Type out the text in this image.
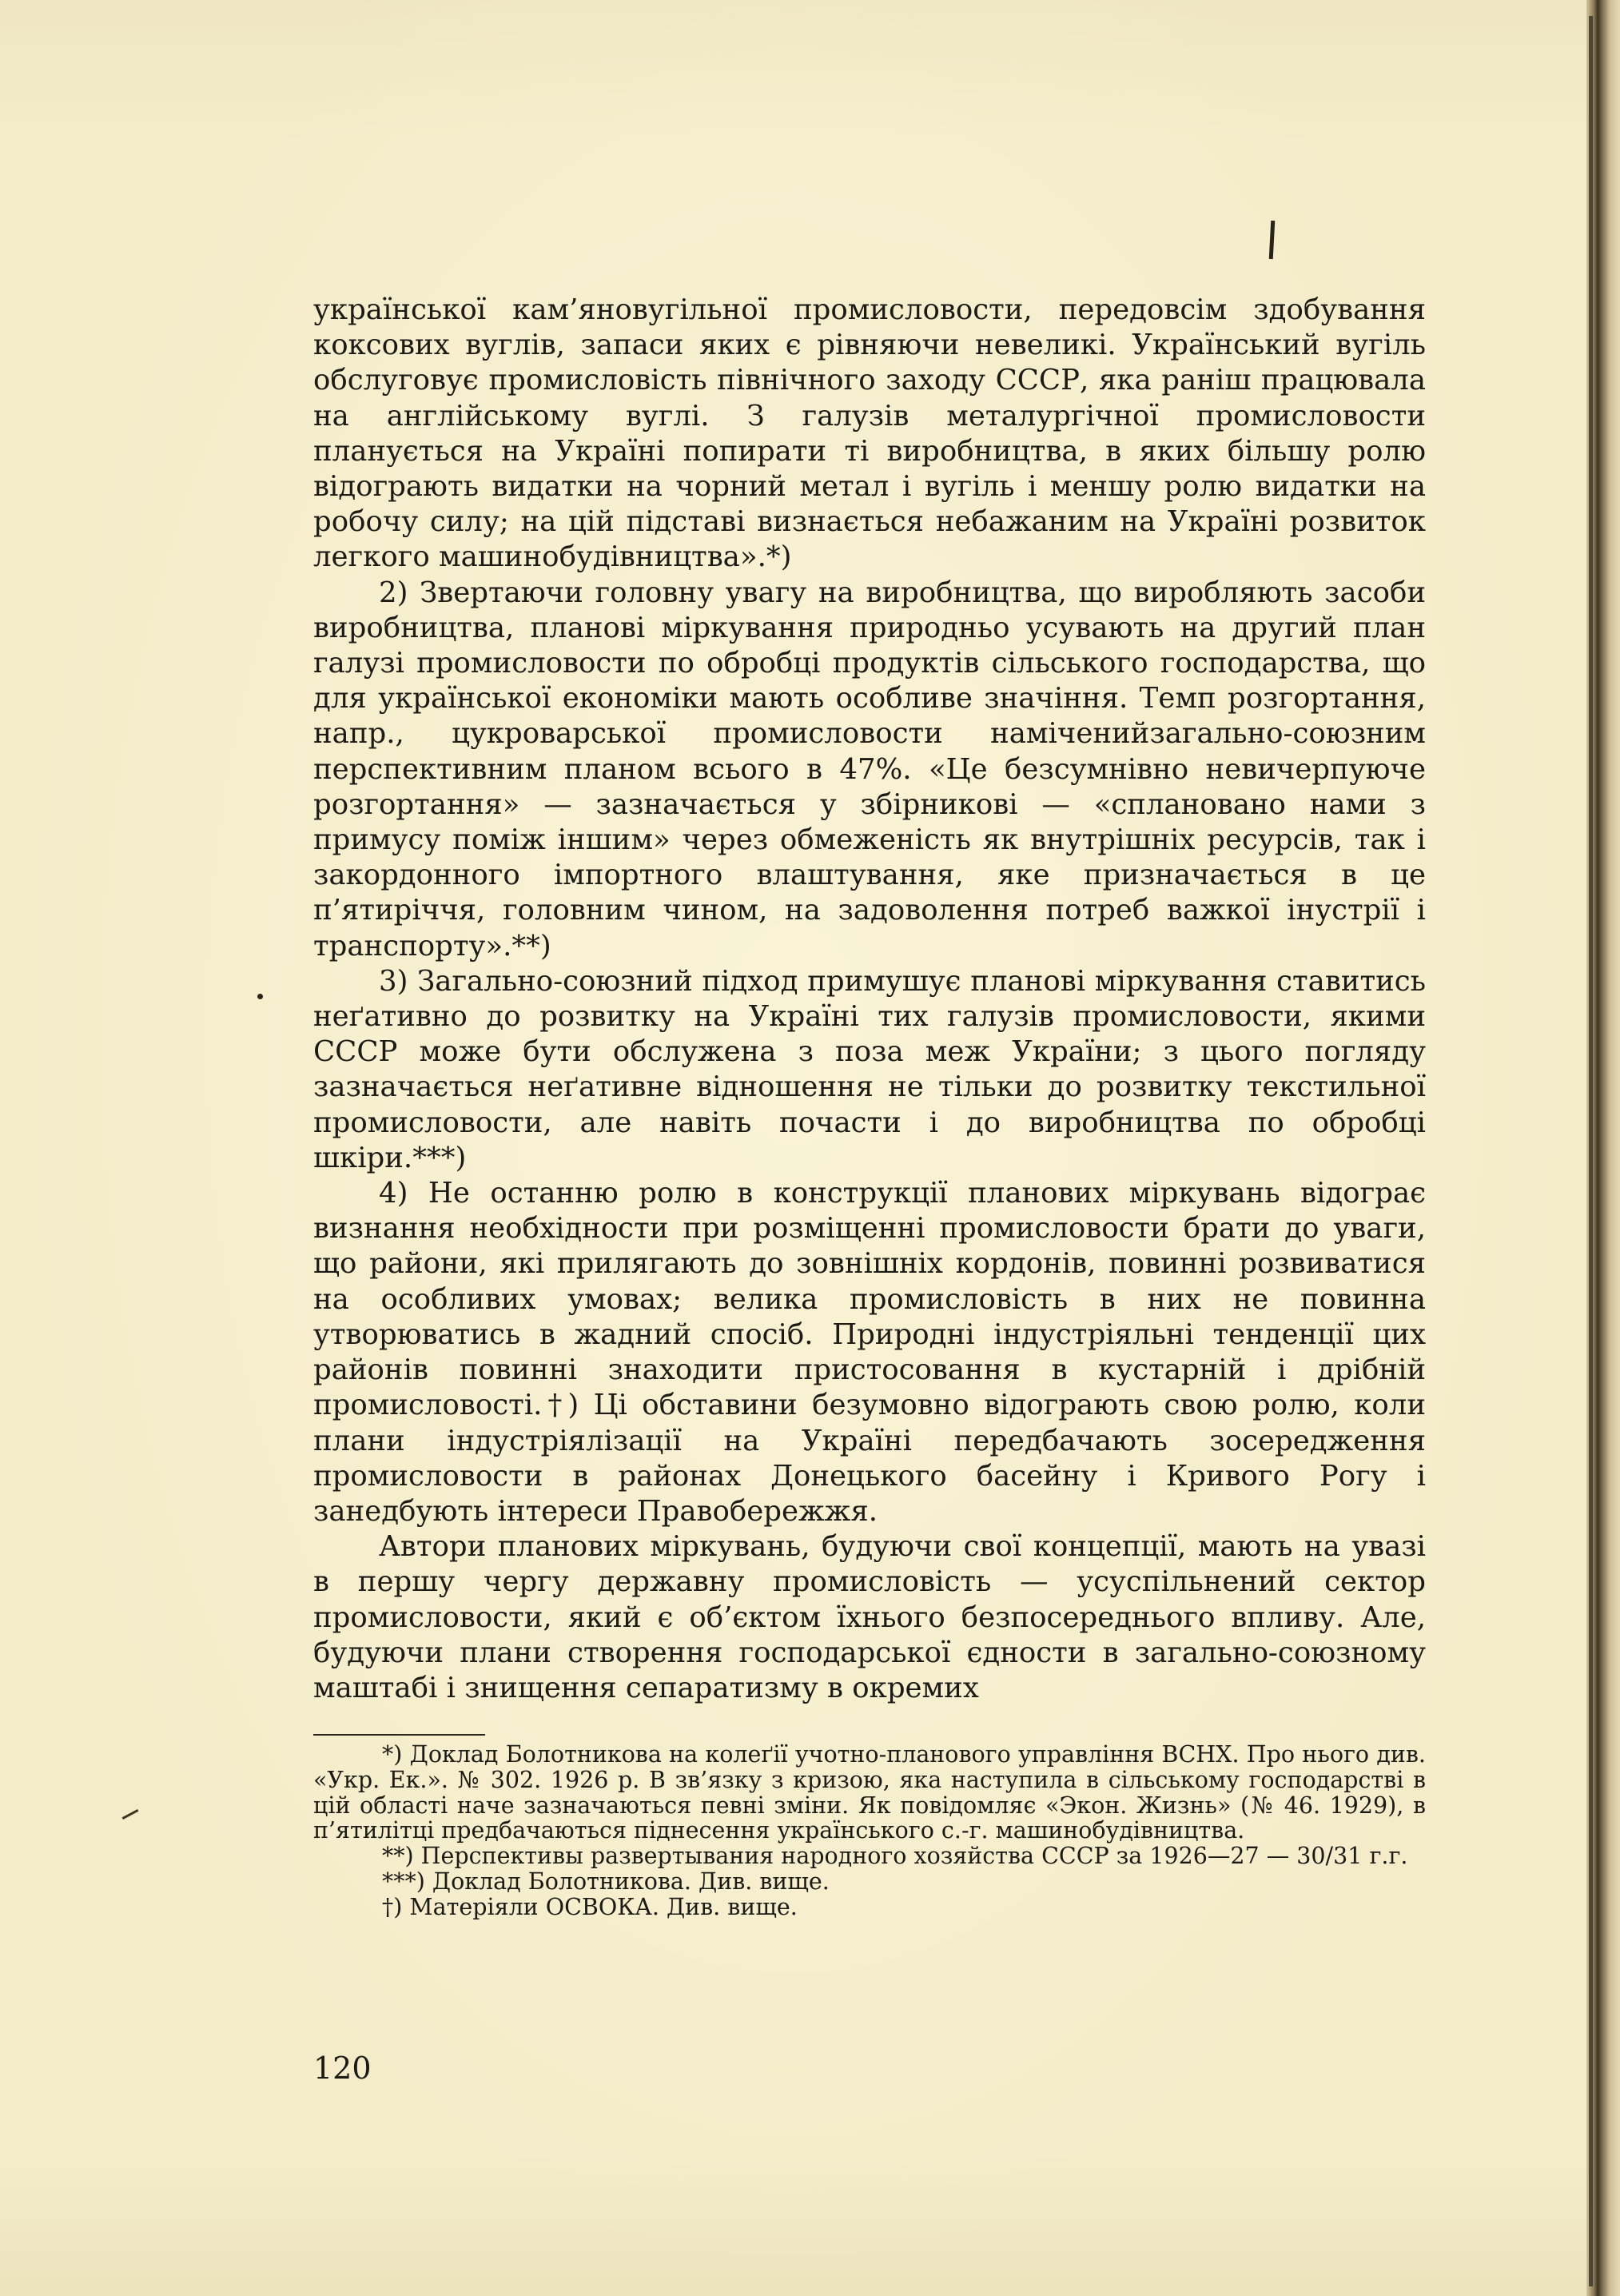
української кам’яновугільної промисловости, передовсім здобування коксових вуглів, запаси яких є рівняючи невеликі. Український вугіль обслуговує промисловість північного заходу СССР, яка раніш працювала на англійському вуглі. З галузів металургічної промисловости планується на Україні попирати ті виробництва, в яких більшу ролю відограють видатки на чорний метал і вугіль і меншу ролю видатки на робочу силу; на цій підставі визнається небажаним на Україні розвиток легкого машинобудівництва».*)

2) Звертаючи головну увагу на виробництва, що виробляють засоби виробництва, планові міркування природньо усувають на другий план галузі промисловости по обробці продуктів сільського господарства, що для української економіки мають особливе значіння. Темп розгортання, напр., цукроварської промисловости наміченийзагально-союзним перспективним планом всього в 47%. «Це безсумнівно невичерпуюче розгортання» — зазначається у збірникові — «сплановано нами з примусу поміж іншим» через обмеженість як внутрішніх ресурсів, так і закордонного імпортного влаштування, яке призначається в це п’ятиріччя, головним чином, на задоволення потреб важкої інустрії і транспорту».**)

3) Загально-союзний підход примушує планові міркування ставитись неґативно до розвитку на Україні тих галузів промисловости, якими СССР може бути обслужена з поза меж України; з цього погляду зазначається неґативне відношення не тільки до розвитку текстильної промисловости, але навіть почасти і до виробництва по обробці шкіри.***)

4) Не останню ролю в конструкції планових міркувань відограє визнання необхідности при розміщенні промисловости брати до уваги, що райони, які прилягають до зовнішніх кордонів, повинні розвиватися на особливих умовах; велика промисловість в них не повинна утворюватись в жадний спосіб. Природні індустріяльні тенденції цих районів повинні знаходити пристосовання в кустарній і дрібній промисловості.†) Ці обставини безумовно відограють свою ролю, коли плани індустріялізації на Україні передбачають зосередження промисловости в районах Донецького басейну і Кривого Рогу і занедбують інтереси Правобережжя.

Автори планових міркувань, будуючи свої концепції, мають на увазі в першу чергу державну промисловість — усуспільнений сектор промисловости, який є об’єктом їхнього безпосереднього впливу. Але, будуючи плани створення господарської єдности в загально-союзному маштабі і знищення сепаратизму в окремих

*) Доклад Болотникова на колеґії учотно-планового управління ВСНХ. Про нього див. «Укр. Ек.». № 302. 1926 р. В зв’язку з кризою, яка наступила в сільському господарстві в цій області наче зазначаються певні зміни. Як повідомляє «Экон. Жизнь» (№ 46. 1929), в п’ятилітці предбачаються піднесення українського с.-г. машинобудівництва.

**) Перспективы развертывания народного хозяйства СССР за 1926—27 — 30/31 г.г.

***) Доклад Болотникова. Див. вище.

†) Матеріяли ОСВОКА. Див. вище.

120
